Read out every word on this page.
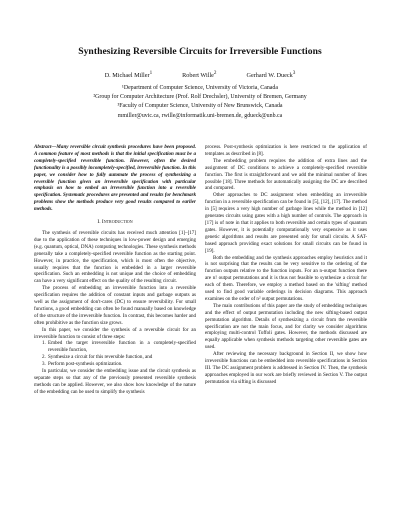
Synthesizing Reversible Circuits for Irreversible Functions
D. Michael Miller$^1$	Robert Wille$^2$	Gerhard W. Dueck$^3$
¹Department of Computer Science, University of Victoria, Canada
²Group for Computer Architecture (Prof. Rolf Drechsler), University of Bremen, Germany
³Faculty of Computer Science, University of New Brunswick, Canada
mmiller@uvic.ca, rwille@informatik.uni-bremen.de, gdueck@unb.ca

Abstract—Many reversible circuit synthesis procedures have been proposed. A common feature of most methods is that the initial specification must be a completely-specified reversible function. However, often the desired functionality is a possibly incompletely-specified, irreversible function. In this paper, we consider how to fully automate the process of synthesizing a reversible function given an irreversible specification with particular emphasis on how to embed an irreversible function into a reversible specification. Systematic procedures are presented and results for benchmark problems show the methods produce very good results compared to earlier methods.

I. Introduction

The synthesis of reversible circuits has received much attention [1]–[17] due to the application of these techniques in low-power design and emerging (e.g. quantum, optical, DNA) computing technologies. These synthesis methods generally take a completely-specified reversible function as the starting point. However, in practice, the specification, which is most often the objective, usually requires that the function is embedded in a larger reversible specification. Such an embedding is not unique and the choice of embedding can have a very significant effect on the quality of the resulting circuit.

The process of embedding an irreversible function into a reversible specification requires the addition of constant inputs and garbage outputs as well as the assignment of don't-cares (DC) to ensure reversibility. For small functions, a good embedding can often be found manually based on knowledge of the structure of the irreversible function. In contrast, this becomes harder and often prohibitive as the function size grows.

In this paper, we consider the synthesis of a reversible circuit for an irreversible function to consist of three steps:

1. Embed the target irreversible function in a completely-specified reversible function,
2. Synthesize a circuit for this reversible function, and
3. Perform post-synthesis optimization.

In particular, we consider the embedding issue and the circuit synthesis as separate steps so that any of the previously presented reversible synthesis methods can be applied. However, we also show how knowledge of the nature of the embedding can be used to simplify the synthesis

process. Post-synthesis optimization is here restricted to the application of templates as described in [8].

The embedding problem requires the addition of extra lines and the assignment of DC conditions to achieve a completely-specified reversible function. The first is straightforward and we add the minimal number of lines possible [18]. Three methods for automatically assigning the DC are described and compared.

Other approaches to DC assignment when embedding an irreversible function in a reversible specification can be found in [5], [12], [17]. The method in [5] requires a very high number of garbage lines while the method in [12] generates circuits using gates with a high number of controls. The approach in [17] is of note in that it applies to both reversible and certain types of quantum gates. However, it is potentially computationally very expensive as it uses genetic algorithms and results are presented only for small circuits. A SAT-based approach providing exact solutions for small circuits can be found in [19].

Both the embedding and the synthesis approaches employ heuristics and it is not surprising that the results can be very sensitive to the ordering of the function outputs relative to the function inputs. For an n-output function there are n! output permutations and it is thus not feasible to synthesize a circuit for each of them. Therefore, we employ a method based on the 'sifting' method used to find good variable orderings in decision diagrams. This approach examines on the order of n² output permutations.

The main contributions of this paper are the study of embedding techniques and the effect of output permutation including the new sifting-based output permutation algorithm. Details of synthesizing a circuit from the reversible specification are not the main focus, and for clarity we consider algorithms employing multi-control Toffoli gates. However, the methods discussed are equally applicable when synthesis methods targeting other reversible gates are used.

After reviewing the necessary background in Section II, we show how irreversible functions can be embedded into reversible specifications in Section III. The DC assignment problem is addressed in Section IV. Then, the synthesis approaches employed in our work are briefly reviewed in Section V. The output permutation via sifting is discussed
